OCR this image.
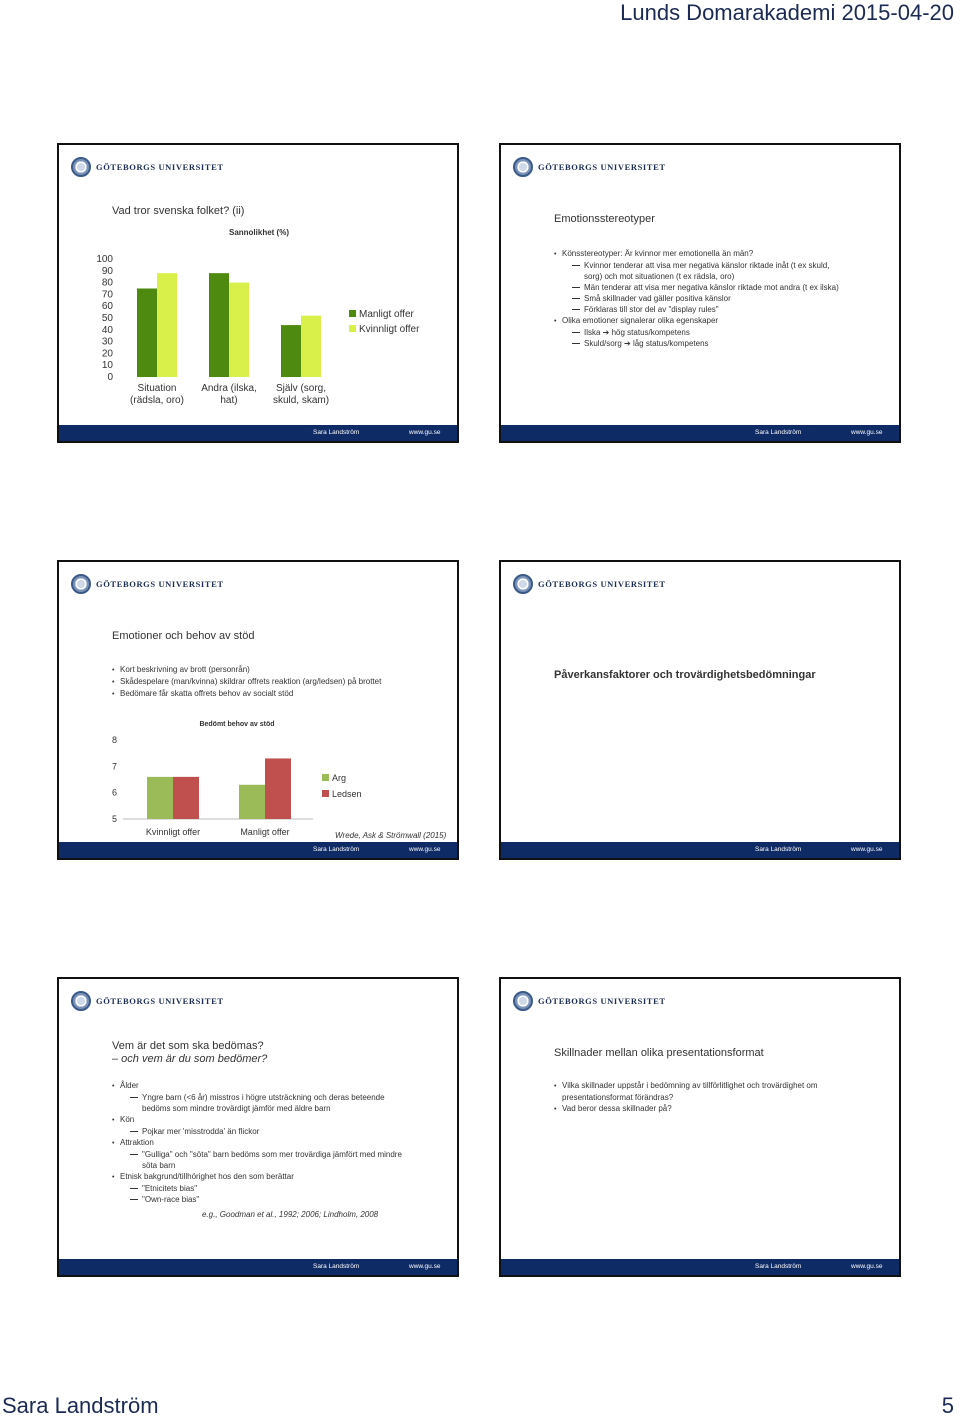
Lunds Domarakademi 2015-04-20
GÖTEBORGS UNIVERSITET
Vad tror svenska folket? (ii)
Sannolikhet (%)
0
10
20
30
40
50
60
70
80
90
100
Situation
(rädsla, oro)
Andra (ilska,
hat)
Själv (sorg,
skuld, skam)
Manligt offer
Kvinnligt offer
Sara Landström	www.gu.se
GÖTEBORGS UNIVERSITET
Emotionsstereotyper
• Könsstereotyper: Är kvinnor mer emotionella än män?
Kvinnor tenderar att visa mer negativa känslor riktade inåt (t ex skuld, sorg) och mot situationen (t ex rädsla, oro)
Män tenderar att visa mer negativa känslor riktade mot andra (t ex ilska)
Små skillnader vad gäller positiva känslor
Förklaras till stor del av "display rules"
• Olika emotioner signalerar olika egenskaper
Ilska ➔ hög status/kompetens
Skuld/sorg ➔ låg status/kompetens
Sara Landström	www.gu.se
GÖTEBORGS UNIVERSITET
Emotioner och behov av stöd
• Kort beskrivning av brott (personrån)
• Skådespelare (man/kvinna) skildrar offrets reaktion (arg/ledsen) på brottet
• Bedömare får skatta offrets behov av socialt stöd
Bedömt behov av stöd
5
6
7
8
Kvinnligt offer	Manligt offer
Arg
Ledsen
Wrede, Ask & Strömwall (2015)
Sara Landström	www.gu.se
GÖTEBORGS UNIVERSITET
Påverkansfaktorer och trovärdighetsbedömningar
Sara Landström	www.gu.se
GÖTEBORGS UNIVERSITET
Vem är det som ska bedömas?
– och vem är du som bedömer?
• Ålder
Yngre barn (<6 år) misstros i högre utsträckning och deras beteende bedöms som mindre trovärdigt jämför med äldre barn
• Kön
Pojkar mer 'misstrodda' än flickor
• Attraktion
"Gulliga" och "söta" barn bedöms som mer trovärdiga jämfört med mindre söta barn
• Etnisk bakgrund/tillhörighet hos den som berättar
"Etnicitets bias"
"Own-race bias"
e.g., Goodman et al., 1992; 2006; Lindholm, 2008
Sara Landström	www.gu.se
GÖTEBORGS UNIVERSITET
Skillnader mellan olika presentationsformat
• Vilka skillnader uppstår i bedömning av tillförlitlighet och trovärdighet om presentationsformat förändras?
• Vad beror dessa skillnader på?
Sara Landström	www.gu.se
Sara Landström	5
